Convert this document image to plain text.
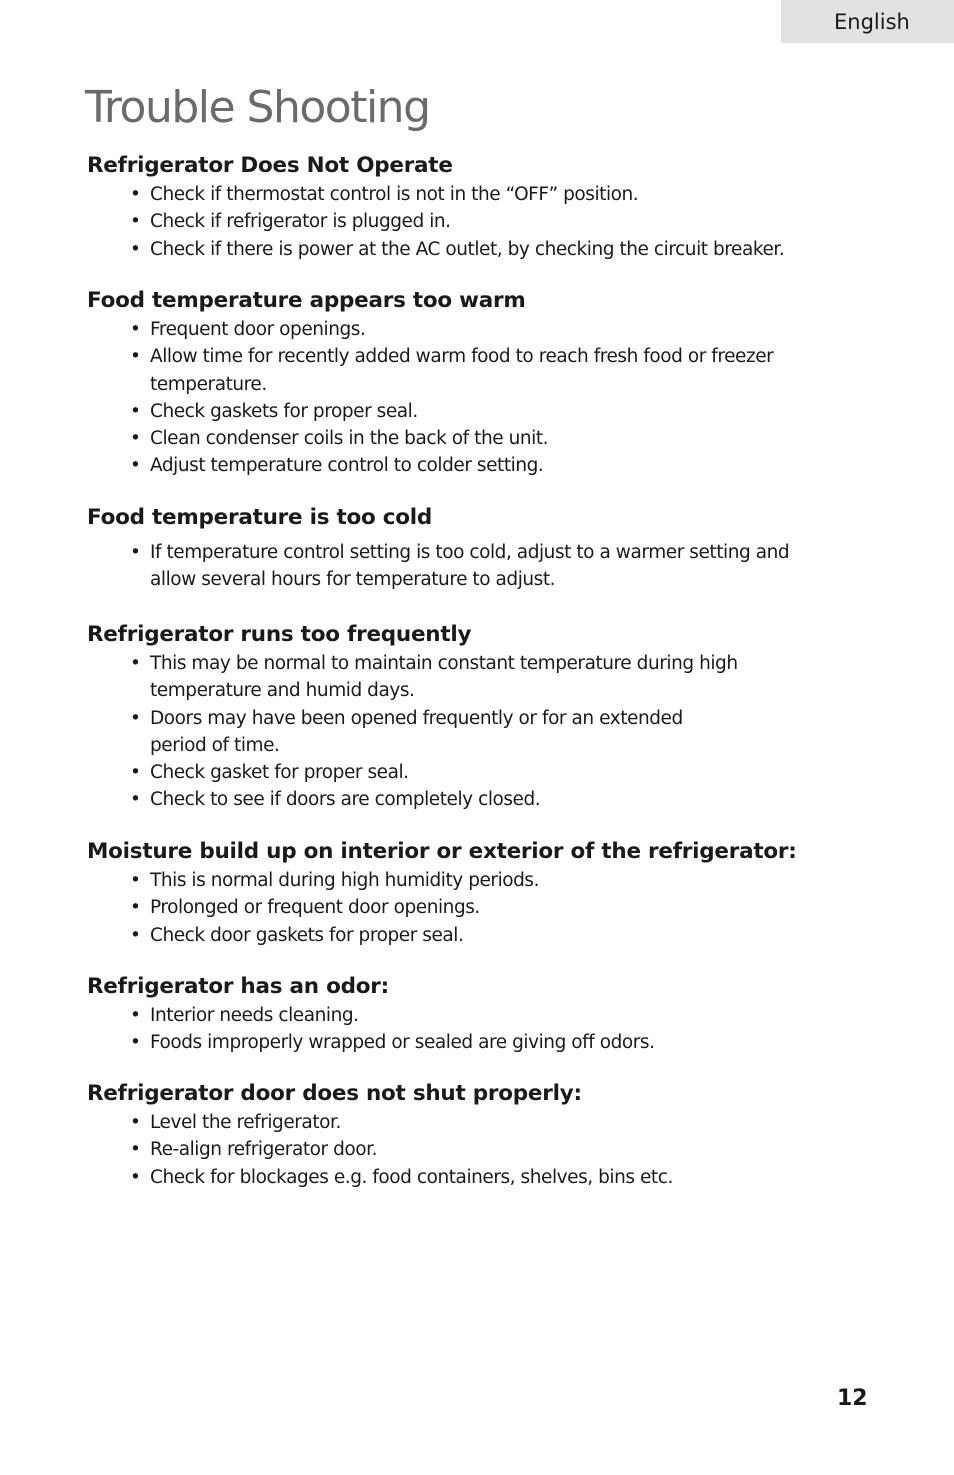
English
Trouble Shooting
Refrigerator Does Not Operate
• Check if thermostat control is not in the “OFF” position.
• Check if refrigerator is plugged in.
• Check if there is power at the AC outlet, by checking the circuit breaker.
Food temperature appears too warm
• Frequent door openings.
• Allow time for recently added warm food to reach fresh food or freezer temperature.
• Check gaskets for proper seal.
• Clean condenser coils in the back of the unit.
• Adjust temperature control to colder setting.
Food temperature is too cold
• If temperature control setting is too cold, adjust to a warmer setting and allow several hours for temperature to adjust.
Refrigerator runs too frequently
• This may be normal to maintain constant temperature during high temperature and humid days.
• Doors may have been opened frequently or for an extended period of time.
• Check gasket for proper seal.
• Check to see if doors are completely closed.
Moisture build up on interior or exterior of the refrigerator:
• This is normal during high humidity periods.
• Prolonged or frequent door openings.
• Check door gaskets for proper seal.
Refrigerator has an odor:
• Interior needs cleaning.
• Foods improperly wrapped or sealed are giving off odors.
Refrigerator door does not shut properly:
• Level the refrigerator.
• Re-align refrigerator door.
• Check for blockages e.g. food containers, shelves, bins etc.
12
